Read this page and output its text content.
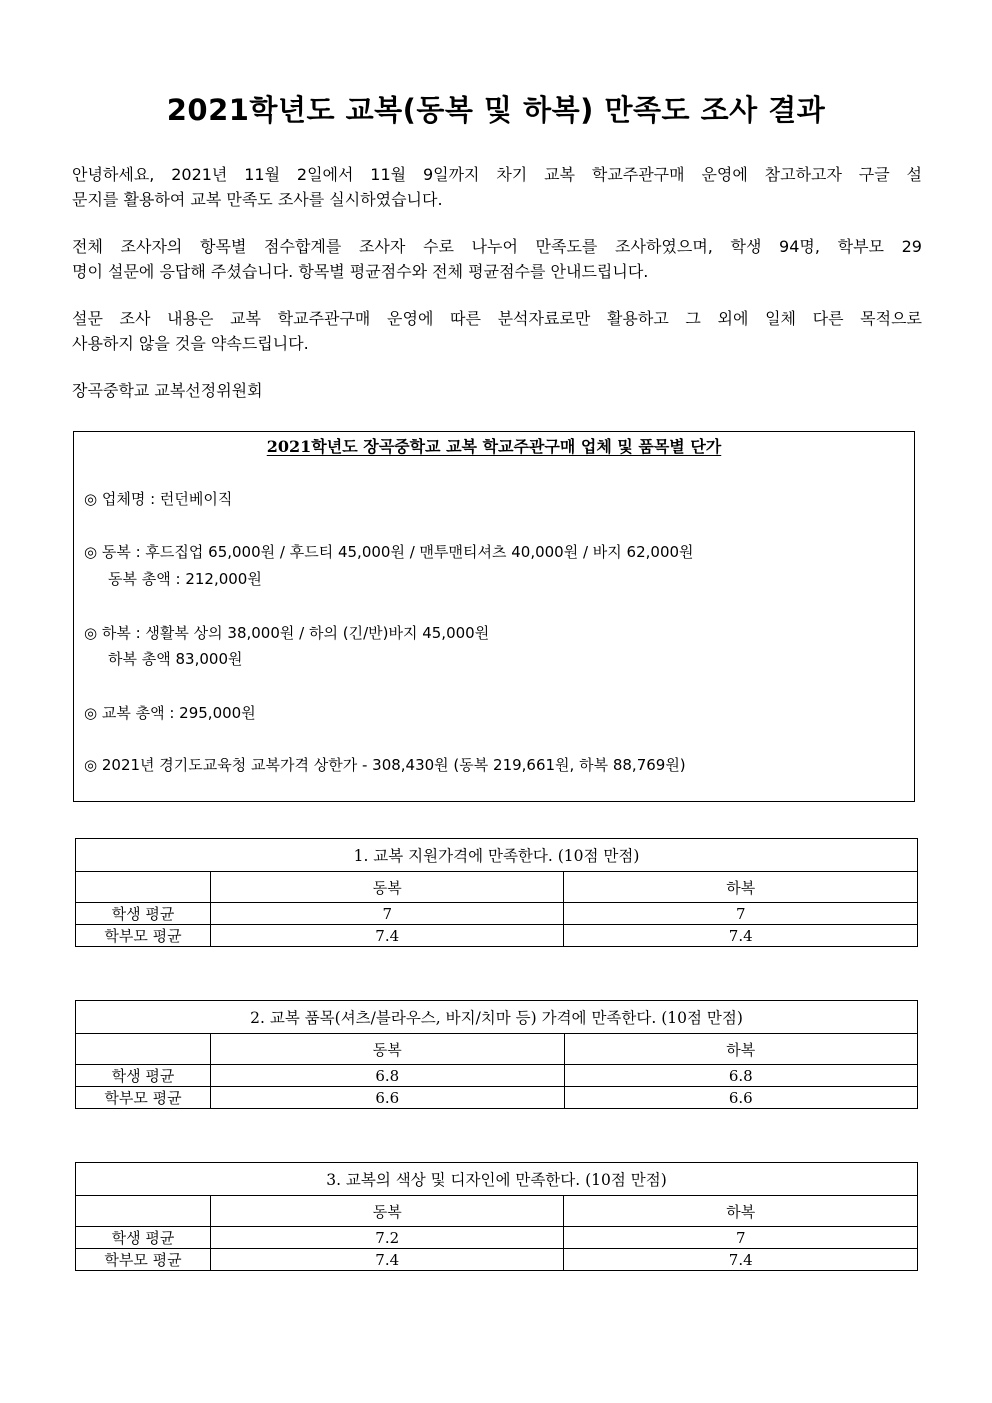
2021학년도 교복(동복 및 하복) 만족도 조사 결과

안녕하세요, 2021년 11월 2일에서 11월 9일까지 차기 교복 학교주관구매 운영에 참고하고자 구글 설
문지를 활용하여 교복 만족도 조사를 실시하였습니다.

전체 조사자의 항목별 점수합계를 조사자 수로 나누어 만족도를 조사하였으며, 학생 94명, 학부모 29
명이 설문에 응답해 주셨습니다. 항목별 평균점수와 전체 평균점수를 안내드립니다.

설문 조사 내용은 교복 학교주관구매 운영에 따른 분석자료로만 활용하고 그 외에 일체 다른 목적으로
사용하지 않을 것을 약속드립니다.

장곡중학교 교복선정위원회

2021학년도 장곡중학교 교복 학교주관구매 업체 및 품목별 단가
◎ 업체명 : 런던베이직
◎ 동복 : 후드집업 65,000원 / 후드티 45,000원 / 맨투맨티셔츠 40,000원 / 바지 62,000원
동복 총액 : 212,000원
◎ 하복 : 생활복 상의 38,000원 / 하의 (긴/반)바지 45,000원
하복 총액 83,000원
◎ 교복 총액 : 295,000원
◎ 2021년 경기도교육청 교복가격 상한가 - 308,430원 (동복 219,661원, 하복 88,769원)
1. 교복 지원가격에 만족한다. (10점 만점)		
	동복	하복
학생 평균	7	7
학부모 평균	7.4	7.4
2. 교복 품목(셔츠/블라우스, 바지/치마 등) 가격에 만족한다. (10점 만점)		
	동복	하복
학생 평균	6.8	6.8
학부모 평균	6.6	6.6
3. 교복의 색상 및 디자인에 만족한다. (10점 만점)		
	동복	하복
학생 평균	7.2	7
학부모 평균	7.4	7.4
